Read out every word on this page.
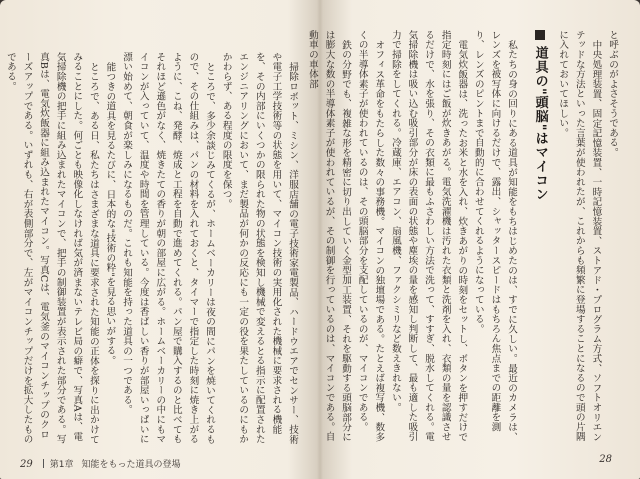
掃除ロボット、ミシン、洋服店舗の電子技術家電製品、ハードウエアでセンサー、技術や電子工学技術等の状態を用いて、マイコン技術の実用化された機械に要求される機能を、その内部にいくつかの限られた物の状態を検知し機械で変えるとる指示に配置されたエンジニアリングにおいて、まだ製品が何かの反応にも一定の役を果たしているのにもかかわらず、ある程度の限度を保つ。

ところで、多少余談じみてくるが、ホームベーカリーは夜の間にパンを焼いてくれるもので、その仕組みは、パンの材料を入れておくと、タイマーで指定した時刻に焼き上がるように、こね、発酵、焼成と工程を自動で進めてくれる。パン屋で購入するのと比べてもそれほど遜色がなく、焼きたての香りが朝の部屋に広がる。ホームベーカリーの中にもマイコンが入っていて、温度や時間を管理している。今度は香ばしい香りが部屋いっぱいに漂い始めて、朝食が楽しみになるものだ。これも知能を持った道具の一つである。

能つきの道具を見るたびに、日本的な"技術の粋"を見る思いがする。

ところで、ある日、私たちはさまざまな道具に要求された知能の正体を探りに出かけてみることにした。何ごとも映像化しなければ気が済まないテレビ局の癖で、写真Aは、電気掃除機の把手に組み込まれたマイコンで、把手の制御装置が表示された部分である。写真Bは、電気炊飯器に組み込まれたマイコン。写真Cは、電気釜のマイコンチップのクローズアップである。いずれも、右が表側部分で、左がマイコンチップだけを拡大したものである。

29 第1章 知能をもった道具の登場

と呼ぶのがよさそうである。

中央処理装置、固定記憶装置、一時記憶装置、ストアド・プログラム方式、ソフトオリエンテッドな方法といった言葉が使われたが、これからも頻繁に登場することになるので頭の片隅に入れておいてほしい。

道具の"頭脳"はマイコン

私たちの身の回りにある道具が知能をもちはじめたのは、すでに久しい。最近のカメラは、レンズを被写体に向けるだけで、露出、シャッタースピードはもちろん焦点までの距離を測り、レンズのピントまで自動的に合わせてくれるようになっている。

電気炊飯器は、洗ったお米と水を入れ、炊きあがりの時刻をセットし、ボタンを押すだけで指定時刻にはご飯が炊きあがる。電気洗濯機は汚れた衣類と洗剤を入れ、衣類の量を認識させるだけで、水を張り、その衣類に最もふさわしい方法で洗って、すすぎ、脱水してくれる。電気掃除機は吸い込む吸引部分が床の表面の状態や塵埃の量を感知し判断して、最も適した吸引力で掃除をしてくれる。冷蔵庫、エアコン、扇風機、ファクシミリなど数えきれない。

オフィス革命をもたらした数々の事務機。マイコンの独壇場である。たとえば複写機、数多くの半導体素子が使われているのは、その頭脳部分を支配しているのが、マイコンである。

鉄の分野でも、複雑な形を精密に切り出していく金型加工装置、それを駆動する頭脳部分には膨大な数の半導体素子が使われているが、その制御を行っているのは、マイコンである。自動車の車体部

28
